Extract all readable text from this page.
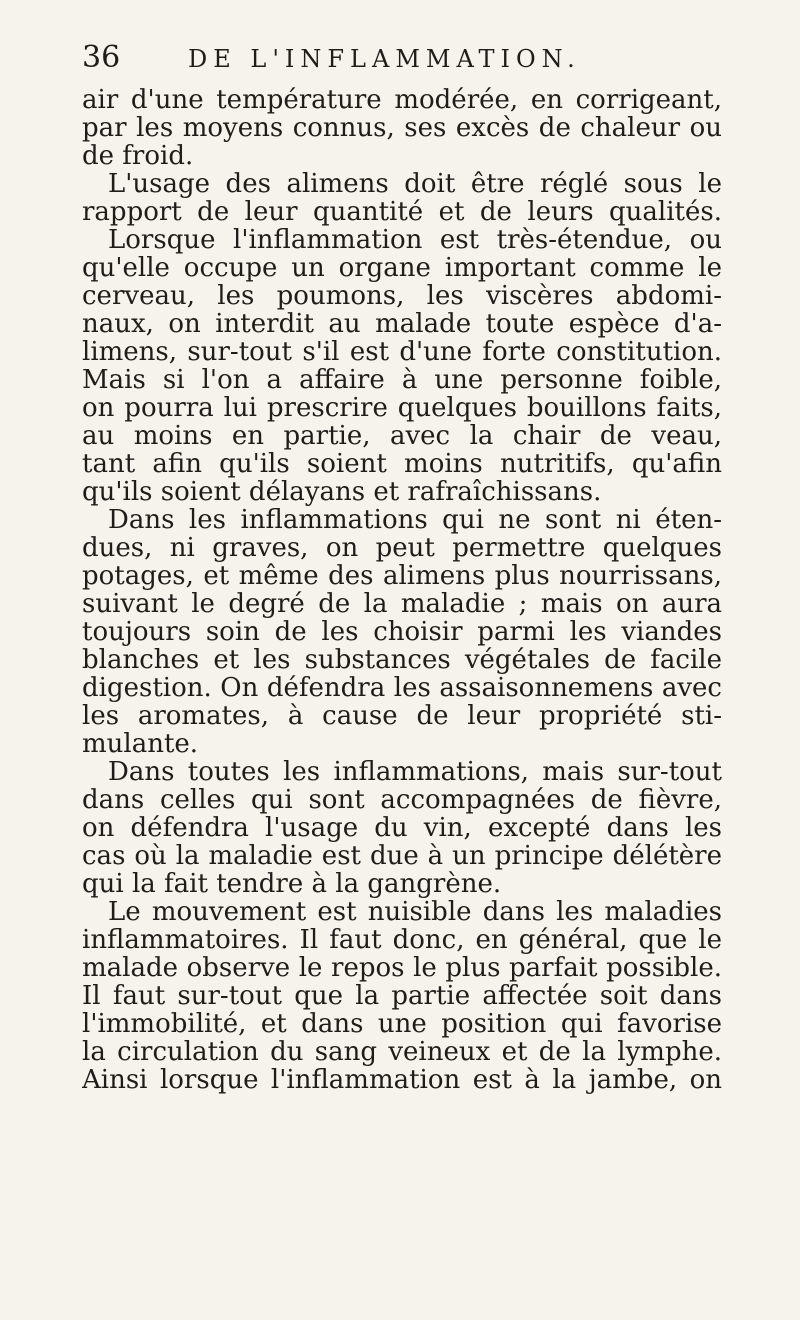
36	DE L'INFLAMMATION.
air d'une température modérée, en corrigeant,
par les moyens connus, ses excès de chaleur ou
de froid.
L'usage des alimens doit être réglé sous le
rapport de leur quantité et de leurs qualités.
Lorsque l'inflammation est très-étendue, ou
qu'elle occupe un organe important comme le
cerveau, les poumons, les viscères abdomi-
naux, on interdit au malade toute espèce d'a-
limens, sur-tout s'il est d'une forte constitution.
Mais si l'on a affaire à une personne foible,
on pourra lui prescrire quelques bouillons faits,
au moins en partie, avec la chair de veau,
tant afin qu'ils soient moins nutritifs, qu'afin
qu'ils soient délayans et rafraîchissans.
Dans les inflammations qui ne sont ni éten-
dues, ni graves, on peut permettre quelques
potages, et même des alimens plus nourrissans,
suivant le degré de la maladie ; mais on aura
toujours soin de les choisir parmi les viandes
blanches et les substances végétales de facile
digestion. On défendra les assaisonnemens avec
les aromates, à cause de leur propriété sti-
mulante.
Dans toutes les inflammations, mais sur-tout
dans celles qui sont accompagnées de fièvre,
on défendra l'usage du vin, excepté dans les
cas où la maladie est due à un principe délétère
qui la fait tendre à la gangrène.
Le mouvement est nuisible dans les maladies
inflammatoires. Il faut donc, en général, que le
malade observe le repos le plus parfait possible.
Il faut sur-tout que la partie affectée soit dans
l'immobilité, et dans une position qui favorise
la circulation du sang veineux et de la lymphe.
Ainsi lorsque l'inflammation est à la jambe, on
